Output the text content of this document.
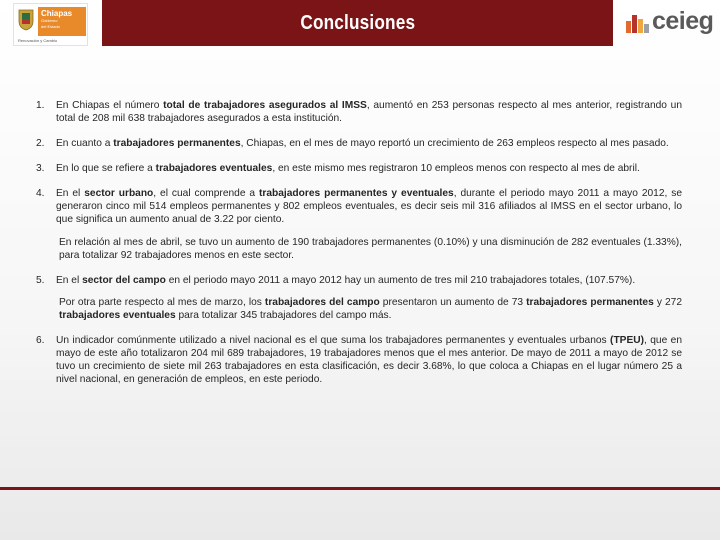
Chiapas
Gobierno
del Estado
Renovación y Cambio
Conclusiones	ceieg
1.	En Chiapas el número total de trabajadores asegurados al IMSS, aumentó en 253 personas respecto al mes anterior, registrando un total de 208 mil 638 trabajadores asegurados a esta institución.
2.	En cuanto a trabajadores permanentes, Chiapas, en el mes de mayo reportó un crecimiento de 263 empleos respecto al mes pasado.
3.	En lo que se refiere a trabajadores eventuales, en este mismo mes registraron 10 empleos menos con respecto al mes de abril.
4.	En el sector urbano, el cual comprende a trabajadores permanentes y eventuales, durante el periodo mayo 2011 a mayo 2012, se generaron cinco mil 514 empleos permanentes y 802 empleos eventuales, es decir seis mil 316 afiliados al IMSS en el sector urbano, lo que significa un aumento anual de 3.22 por ciento.
En relación al mes de abril, se tuvo un aumento de 190 trabajadores permanentes (0.10%) y una disminución de 282 eventuales (1.33%), para totalizar 92 trabajadores menos en este sector.
5.	En el sector del campo en el periodo mayo 2011 a mayo 2012 hay un aumento de tres mil 210 trabajadores totales, (107.57%).
Por otra parte respecto al mes de marzo, los trabajadores del campo presentaron un aumento de 73 trabajadores permanentes y 272 trabajadores eventuales para totalizar 345 trabajadores del campo más.
6.	Un indicador comúnmente utilizado a nivel nacional es el que suma los trabajadores permanentes y eventuales urbanos (TPEU), que en mayo de este año totalizaron 204 mil 689 trabajadores, 19 trabajadores menos que el mes anterior. De mayo de 2011 a mayo de 2012 se tuvo un crecimiento de siete mil 263 trabajadores en esta clasificación, es decir 3.68%, lo que coloca a Chiapas en el lugar número 25 a nivel nacional, en generación de empleos, en este periodo.
